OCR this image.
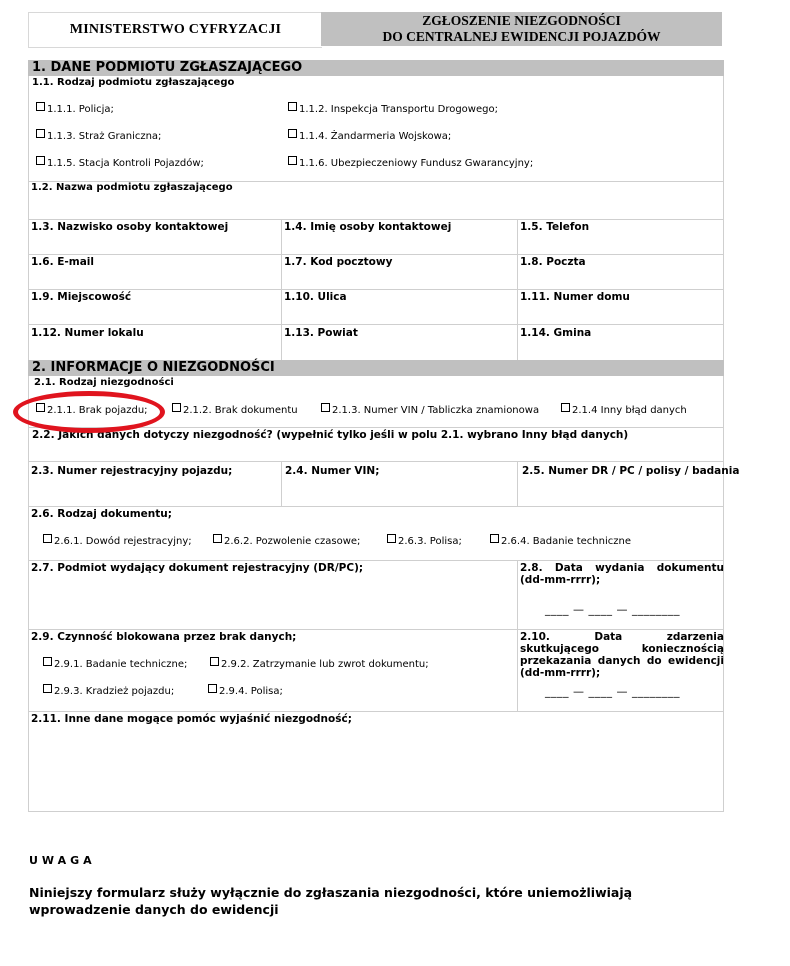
MINISTERSTWO CYFRYZACJI
ZGŁOSZENIE NIEZGODNOŚCI
DO CENTRALNEJ EWIDENCJI POJAZDÓW
1. DANE PODMIOTU ZGŁASZAJĄCEGO
1.1. Rodzaj podmiotu zgłaszającego
1.1.1. Policja;	1.1.2. Inspekcja Transportu Drogowego;
1.1.3. Straż Graniczna;	1.1.4. Żandarmeria Wojskowa;
1.1.5. Stacja Kontroli Pojazdów;	1.1.6. Ubezpieczeniowy Fundusz Gwarancyjny;
1.2. Nazwa podmiotu zgłaszającego
1.3. Nazwisko osoby kontaktowej	1.4. Imię osoby kontaktowej	1.5. Telefon
1.6. E-mail	1.7. Kod pocztowy	1.8. Poczta
1.9. Miejscowość	1.10. Ulica	1.11. Numer domu
1.12. Numer lokalu	1.13. Powiat	1.14. Gmina
2. INFORMACJE O NIEZGODNOŚCI
2.1. Rodzaj niezgodności
2.1.1. Brak pojazdu;	2.1.2. Brak dokumentu	2.1.3. Numer VIN / Tabliczka znamionowa	2.1.4 Inny błąd danych
2.2. Jakich danych dotyczy niezgodność? (wypełnić tylko jeśli w polu 2.1. wybrano Inny błąd danych)
2.3. Numer rejestracyjny pojazdu;	2.4. Numer VIN;	2.5. Numer DR / PC / polisy / badania
2.6. Rodzaj dokumentu;
2.6.1. Dowód rejestracyjny;	2.6.2. Pozwolenie czasowe;	2.6.3. Polisa;	2.6.4. Badanie techniczne
2.7. Podmiot wydający dokument rejestracyjny (DR/PC);	2.8. Data wydania dokumentu (dd-mm-rrrr);
____ — ____ — ________
2.9. Czynność blokowana przez brak danych;	2.10. Data zdarzenia skutkującego koniecznością przekazania danych do ewidencji (dd-mm-rrrr);
2.9.1. Badanie techniczne;	2.9.2. Zatrzymanie lub zwrot dokumentu;
2.9.3. Kradzież pojazdu;	2.9.4. Polisa;	____ — ____ — ________
2.11. Inne dane mogące pomóc wyjaśnić niezgodność;
UWAGA
Niniejszy formularz służy wyłącznie do zgłaszania niezgodności, które uniemożliwiają wprowadzenie danych do ewidencji
